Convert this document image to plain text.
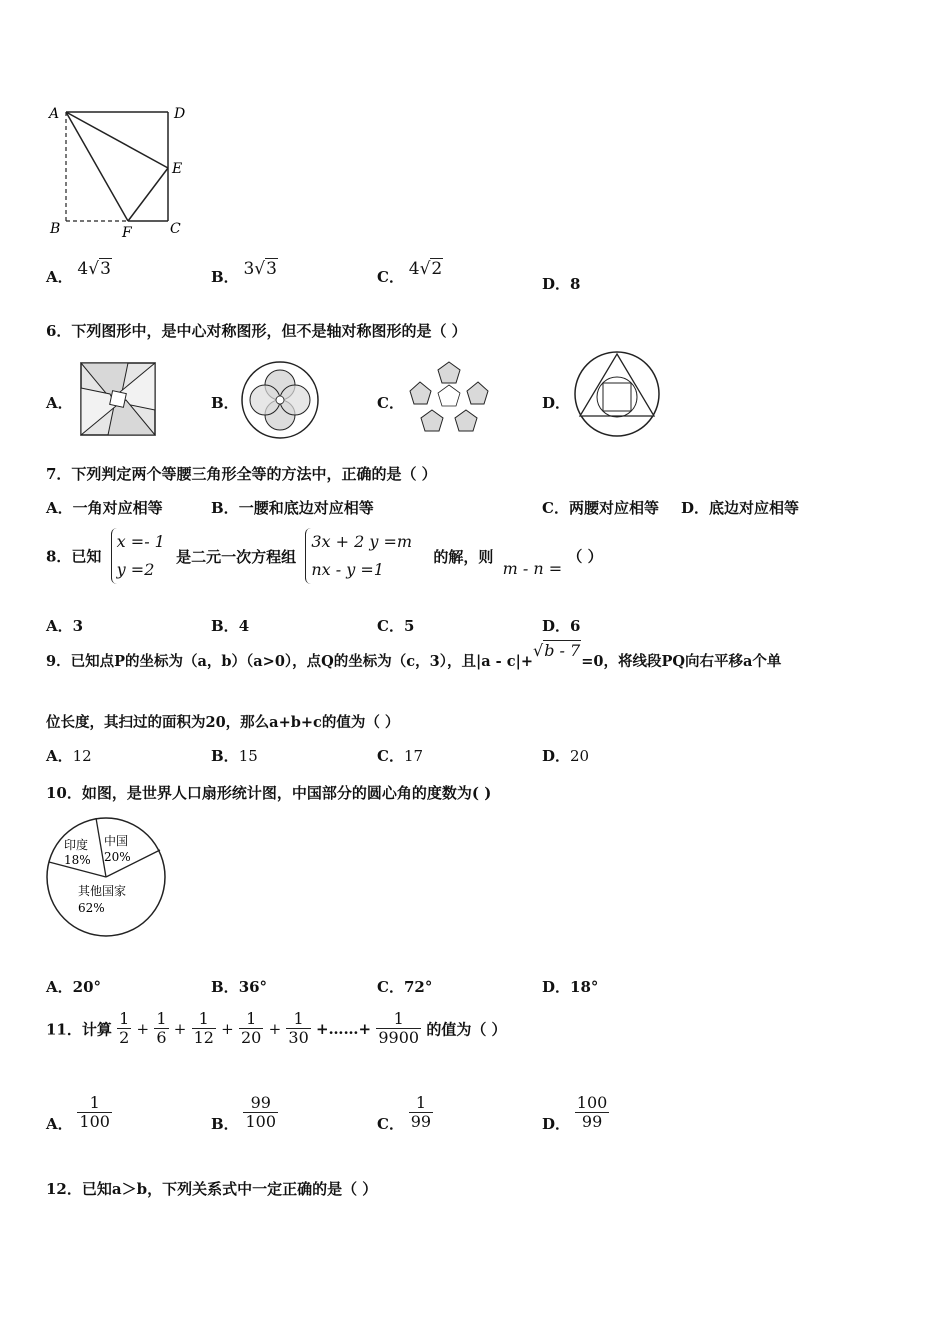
A	D
E
B	F	C
A． 4√3	B． 3√3	C． 4√2
D．8
6．下列图形中，是中心对称图形，但不是轴对称图形的是（ ）
A．	B．	C．	D．
7．下列判定两个等腰三角形全等的方法中，正确的是（ ）
A．一角对应相等	B．一腰和底边对应相等	C．两腰对应相等 D．底边对应相等
8．已知
x =- 1
y =2
是二元一次方程组
3x + 2 y =m
nx - y =1
的解，则 m - n = （ ）
A．3	B．4	C．5	D．6
9．已知点P的坐标为（a，b）（a>0），点Q的坐标为（c，3），且|a - c|+√b - 7=0，将线段PQ向右平移a个单
位长度，其扫过的面积为20，那么a+b+c的值为（ ）
A．12	B．15	C．17	D．20
10．如图，是世界人口扇形统计图，中国部分的圆心角的度数为( )
印度
18%
中国
20%
其他国家
62%
A．20°	B．36°	C．72°	D．18°
11．计算 $\frac{1}{2} + \frac{1}{6} + \frac{1}{12} + \frac{1}{20} + \frac{1}{30}$ +……+ $\frac{1}{9900}$ 的值为（ ）
A． $\frac{1}{100}$	B． $\frac{99}{100}$	C． $\frac{1}{99}$	D． $\frac{100}{99}$
12．已知a＞b，下列关系式中一定正确的是（ ）
